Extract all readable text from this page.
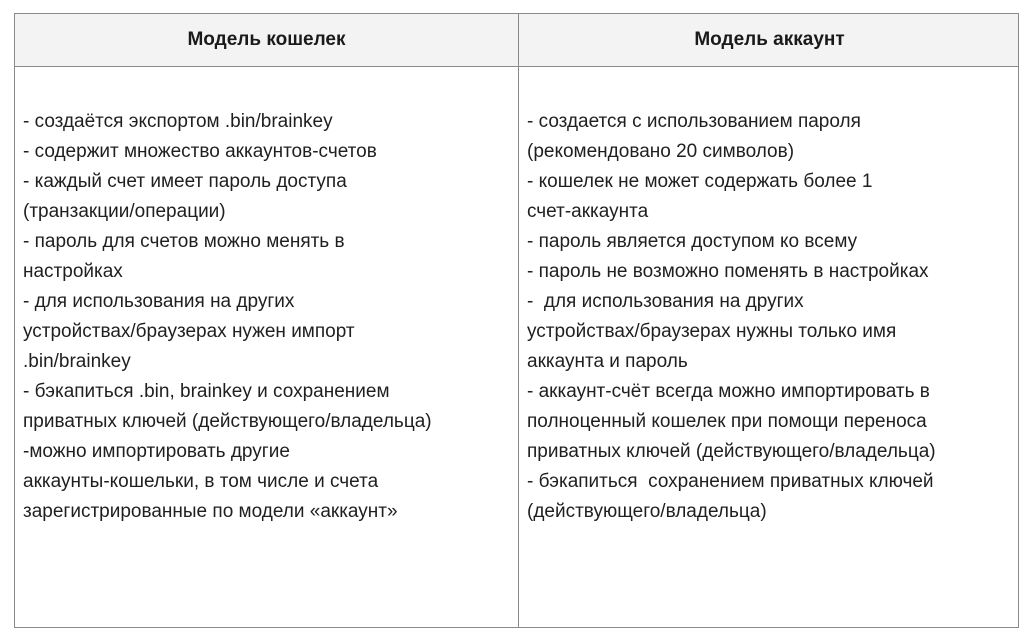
Модель кошелек	Модель аккаунт
- создаётся экспортом .bin/brainkey
- содержит множество аккаунтов-счетов
- каждый счет имеет пароль доступа
(транзакции/операции)
- пароль для счетов можно менять в
настройках
- для использования на других
устройствах/браузерах нужен импорт
.bin/brainkey
- бэкапиться .bin, brainkey и сохранением
приватных ключей (действующего/владельца)
-можно импортировать другие
аккаунты-кошельки, в том числе и счета
зарегистрированные по модели «аккаунт»
- создается с использованием пароля
(рекомендовано 20 символов)
- кошелек не может содержать более 1
счет-аккаунта
- пароль является доступом ко всему
- пароль не возможно поменять в настройках
-  для использования на других
устройствах/браузерах нужны только имя
аккаунта и пароль
- аккаунт-счёт всегда можно импортировать в
полноценный кошелек при помощи переноса
приватных ключей (действующего/владельца)
- бэкапиться  сохранением приватных ключей
(действующего/владельца)
